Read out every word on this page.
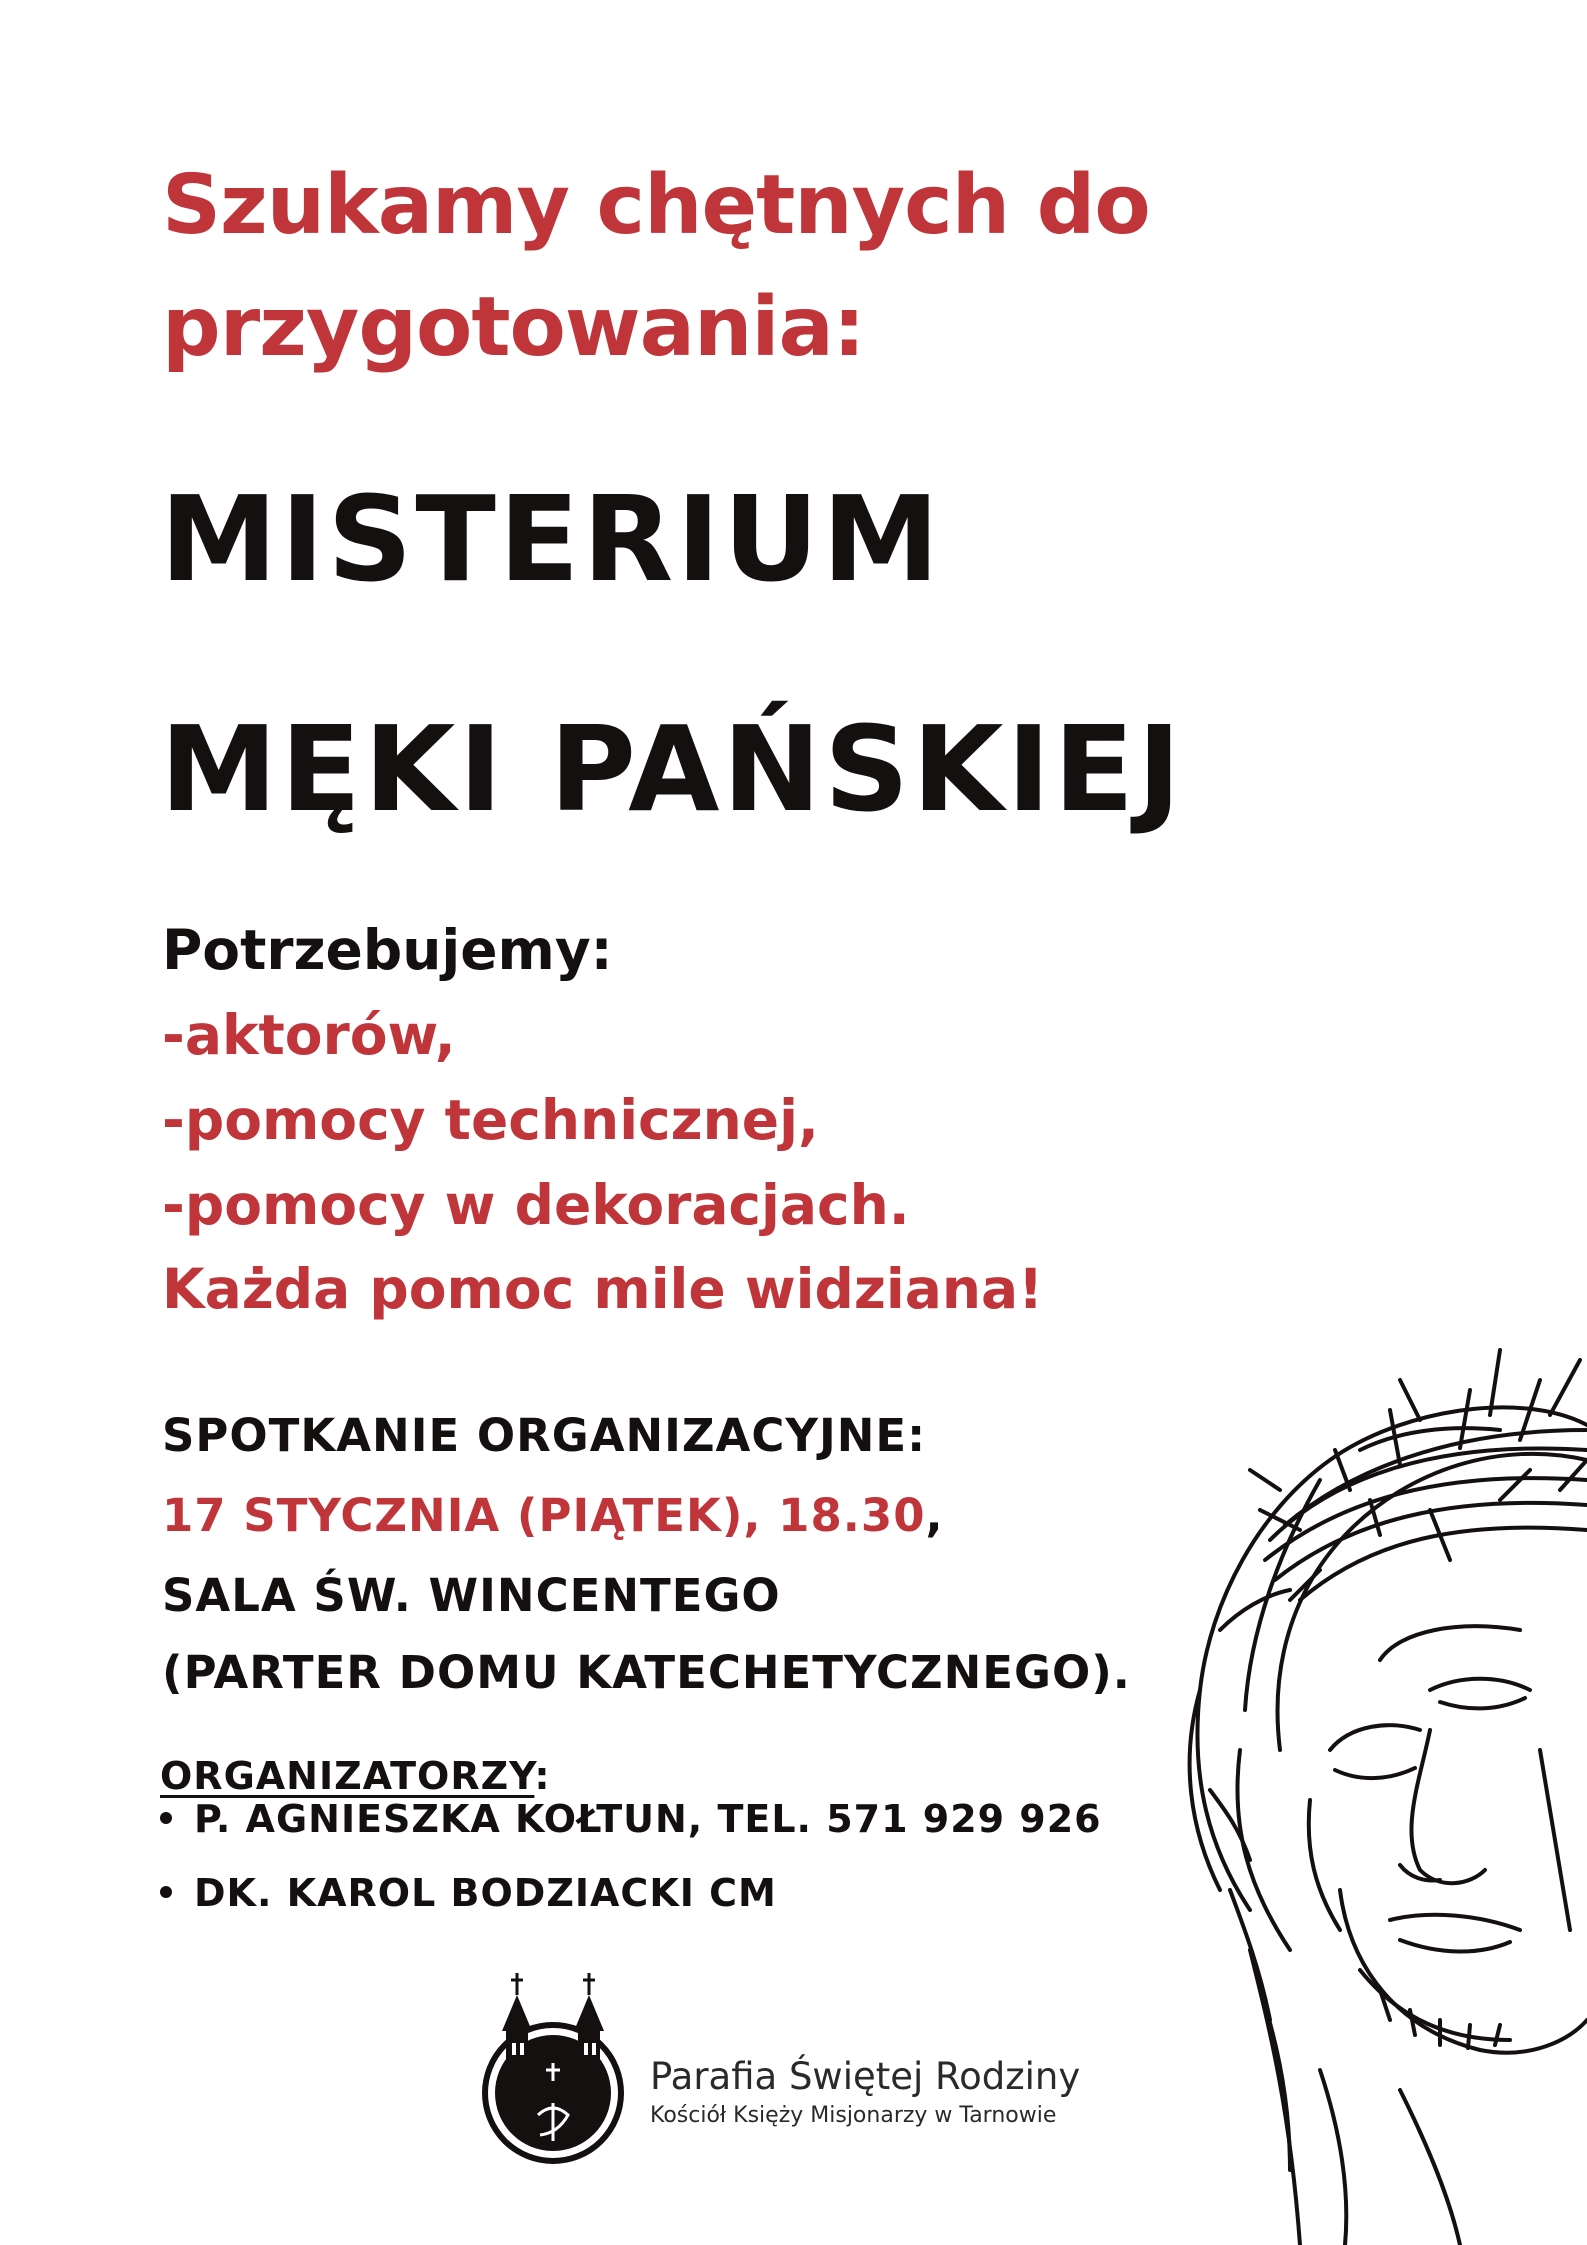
Szukamy chętnych do
przygotowania:
MISTERIUM
MĘKI PAŃSKIEJ
Potrzebujemy:
-aktorów,
-pomocy technicznej,
-pomocy w dekoracjach.
Każda pomoc mile widziana!
SPOTKANIE ORGANIZACYJNE:
17 STYCZNIA (PIĄTEK), 18.30,
SALA ŚW. WINCENTEGO
(PARTER DOMU KATECHETYCZNEGO).
ORGANIZATORZY:
P. AGNIESZKA KOŁTUN, TEL. 571 929 926
DK. KAROL BODZIACKI CM
Parafia Świętej Rodziny
Kościół Księży Misjonarzy w Tarnowie
